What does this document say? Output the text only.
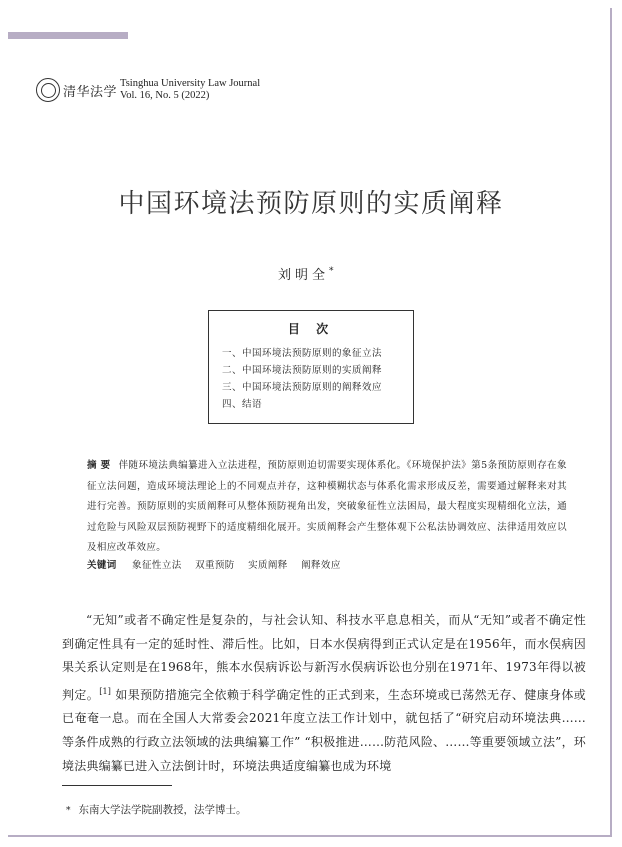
清华法学
Tsinghua University Law Journal
Vol. 16, No. 5 (2022)
中国环境法预防原则的实质阐释
刘明全*
目 次
一、中国环境法预防原则的象征立法
二、中国环境法预防原则的实质阐释
三、中国环境法预防原则的阐释效应
四、结语
摘 要 伴随环境法典编纂进入立法进程，预防原则迫切需要实现体系化。《环境保护法》第5条预防原则存在象征立法问题，造成环境法理论上的不同观点并存，这种模糊状态与体系化需求形成反差，需要通过解释来对其进行完善。预防原则的实质阐释可从整体预防视角出发，突破象征性立法困局，最大程度实现精细化立法，通过危险与风险双层预防视野下的适度精细化展开。实质阐释会产生整体观下公私法协调效应、法律适用效应以及相应改革效应。
关键词 象征性立法 双重预防 实质阐释 阐释效应
“无知”或者不确定性是复杂的，与社会认知、科技水平息息相关，而从“无知”或者不确定性到确定性具有一定的延时性、滞后性。比如，日本水俣病得到正式认定是在1956年，而水俣病因果关系认定则是在1968年，熊本水俣病诉讼与新泻水俣病诉讼也分别在1971年、1973年得以被判定。[1] 如果预防措施完全依赖于科学确定性的正式到来，生态环境或已荡然无存、健康身体或已奄奄一息。而在全国人大常委会2021年度立法工作计划中，就包括了“研究启动环境法典……等条件成熟的行政立法领域的法典编纂工作” “积极推进……防范风险、……等重要领域立法”，环境法典编纂已进入立法倒计时，环境法典适度编纂也成为环境
* 东南大学法学院副教授，法学博士。
